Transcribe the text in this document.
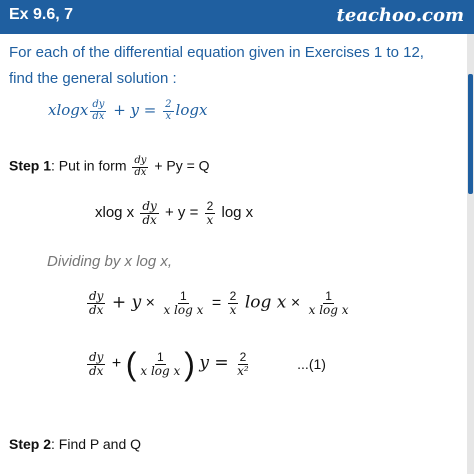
Ex 9.6, 7	teachoo.com
For each of the differential equation given in Exercises 1 to 12,
find the general solution :
xlogx $\frac{dy}{dx} + y = \frac{2}{x}$ logx
Step 1: Put in form $\frac{dy}{dx} + Py = Q$
xlog x $\frac{dy}{dx} + y = \frac{2}{x}$ log x
Dividing by x log x,
$\frac{dy}{dx} + y \times \frac{1}{\text{x log x}} = \frac{2}{x}$ $\log x \times \frac{1}{\text{x log x}}$
$\frac{dy}{dx}$ + ( $\frac{1}{\text{x log x}}$ ) $y = \frac{2}{\text{x²}}$	...(1)
Step 2: Find P and Q
